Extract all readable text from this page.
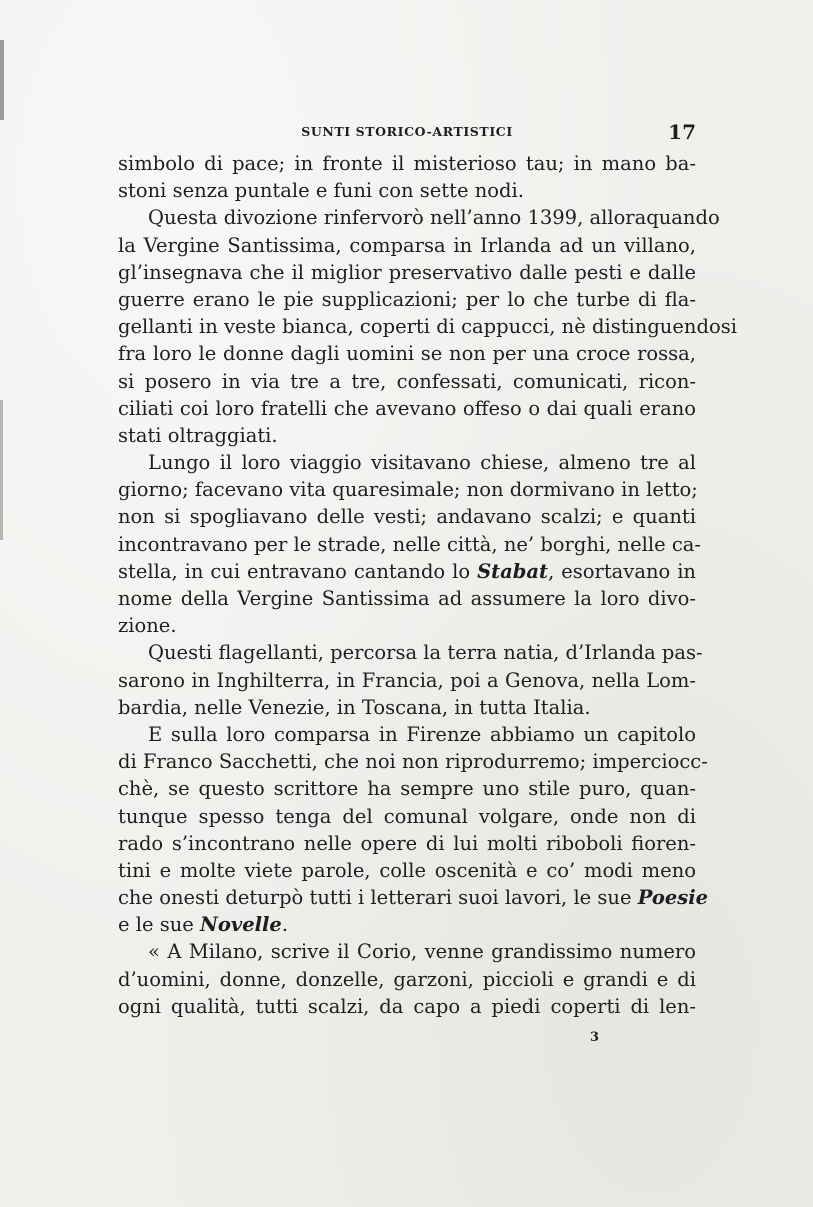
SUNTI STORICO-ARTISTICI	17
simbolo di pace; in fronte il misterioso tau; in mano ba-
stoni senza puntale e funi con sette nodi.
Questa divozione rinfervorò nell’anno 1399, alloraquando
la Vergine Santissima, comparsa in Irlanda ad un villano,
gl’insegnava che il miglior preservativo dalle pesti e dalle
guerre erano le pie supplicazioni; per lo che turbe di fla-
gellanti in veste bianca, coperti di cappucci, nè distinguendosi
fra loro le donne dagli uomini se non per una croce rossa,
si posero in via tre a tre, confessati, comunicati, ricon-
ciliati coi loro fratelli che avevano offeso o dai quali erano
stati oltraggiati.
Lungo il loro viaggio visitavano chiese, almeno tre al
giorno; facevano vita quaresimale; non dormivano in letto;
non si spogliavano delle vesti; andavano scalzi; e quanti
incontravano per le strade, nelle città, ne’ borghi, nelle ca-
stella, in cui entravano cantando lo Stabat, esortavano in
nome della Vergine Santissima ad assumere la loro divo-
zione.
Questi flagellanti, percorsa la terra natia, d’Irlanda pas-
sarono in Inghilterra, in Francia, poi a Genova, nella Lom-
bardia, nelle Venezie, in Toscana, in tutta Italia.
E sulla loro comparsa in Firenze abbiamo un capitolo
di Franco Sacchetti, che noi non riprodurremo; imperciocc-
chè, se questo scrittore ha sempre uno stile puro, quan-
tunque spesso tenga del comunal volgare, onde non di
rado s’incontrano nelle opere di lui molti riboboli fioren-
tini e molte viete parole, colle oscenità e co’ modi meno
che onesti deturpò tutti i letterari suoi lavori, le sue Poesie
e le sue Novelle.
« A Milano, scrive il Corio, venne grandissimo numero
d’uomini, donne, donzelle, garzoni, piccioli e grandi e di
ogni qualità, tutti scalzi, da capo a piedi coperti di len-
3
